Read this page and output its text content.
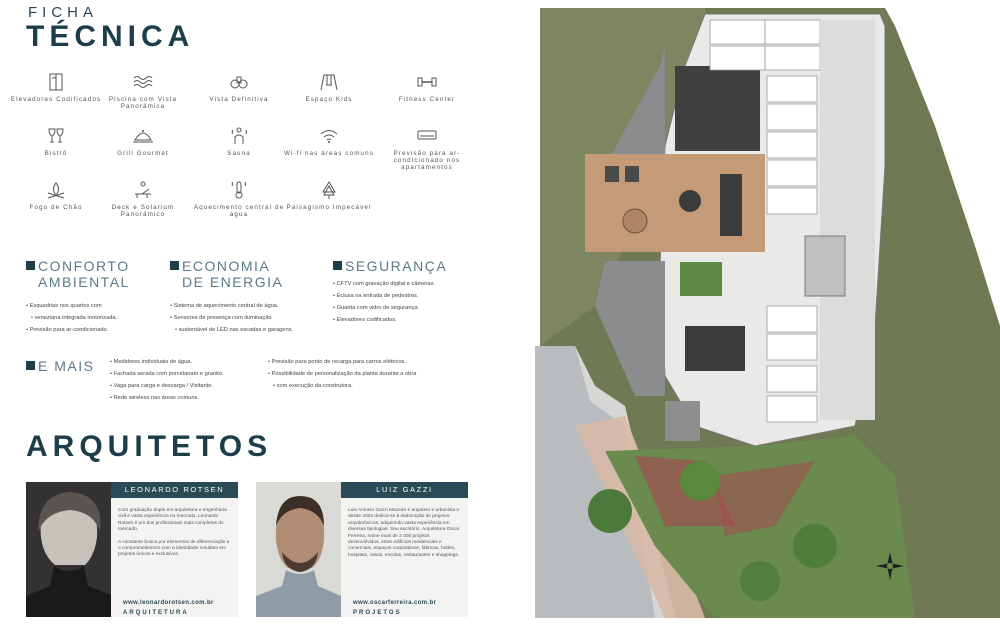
FICHA
TÉCNICA
Elevadores Codificados	Piscina com Vista Panorâmica
Vista Definitiva	Espaço Kids	Fitness Center
Bistrô	Grill Gourmet	Sauna	Wi-fi nas áreas comuns	Previsão para ar-condicionado nos apartamentos
Fogo de Chão	Deck e Solarium Panorâmico
Aquecimento central de água
Paisagismo Impecável
CONFORTO
AMBIENTAL
• Esquadrias nos quartos com
• veneziana integrada motorizada.
• Previsão para ar-condicionado.
ECONOMIA
DE ENERGIA
• Sistema de aquecimento central de água.
• Sensores de presença com iluminação
• sustentável de LED nas escadas e garagens.
SEGURANÇA
• CFTV com gravação digital e câmeras.
• Eclusa na entrada de pedestres.
• Guarita com vidro de segurança.
• Elevadores codificados.
E MAIS
•	Medidores individuais de água.
• Fachada serada com porcelanato e granito.
• Vaga para carga e descarga / Visitante.
• Rede wireless nas áreas comuns.
• Previsão para ponto de recarga para carros elétricos.
• Possibilidade de personalização da planta durante a obra
• com execução da construtora.
ARQUITETOS
LEONARDO ROTSEN

Com graduação dupla em arquitetura e engenharia civil e vasta experiência no mercado, Leonardo Rotsen é um dos profissionais mais completos do mercado.

A constante busca por elementos de diferenciação e o comprometimento com a identidade resultam em projetos únicos e exclusivos.

www.leonardorotsen.com.br
ARQUITETURA
LUIZ GAZZI

Luis Antonio Gazzi Macedo é arquiteto e urbanista e desde 2003 dedica-se à elaboração de projetos arquitetônicos, adquirindo vasta experiência em diversas tipologias. Seu escritório, Arquitetura Oscar Ferreira, reúne mais de 2.000 projetos desenvolvidos, entre edifícios residenciais e comerciais, espaços corporativos, fábricas, hotéis, hospitais, casas, escolas, restaurantes e shoppings.

www.oscarferreira.com.br
PROJETOS
